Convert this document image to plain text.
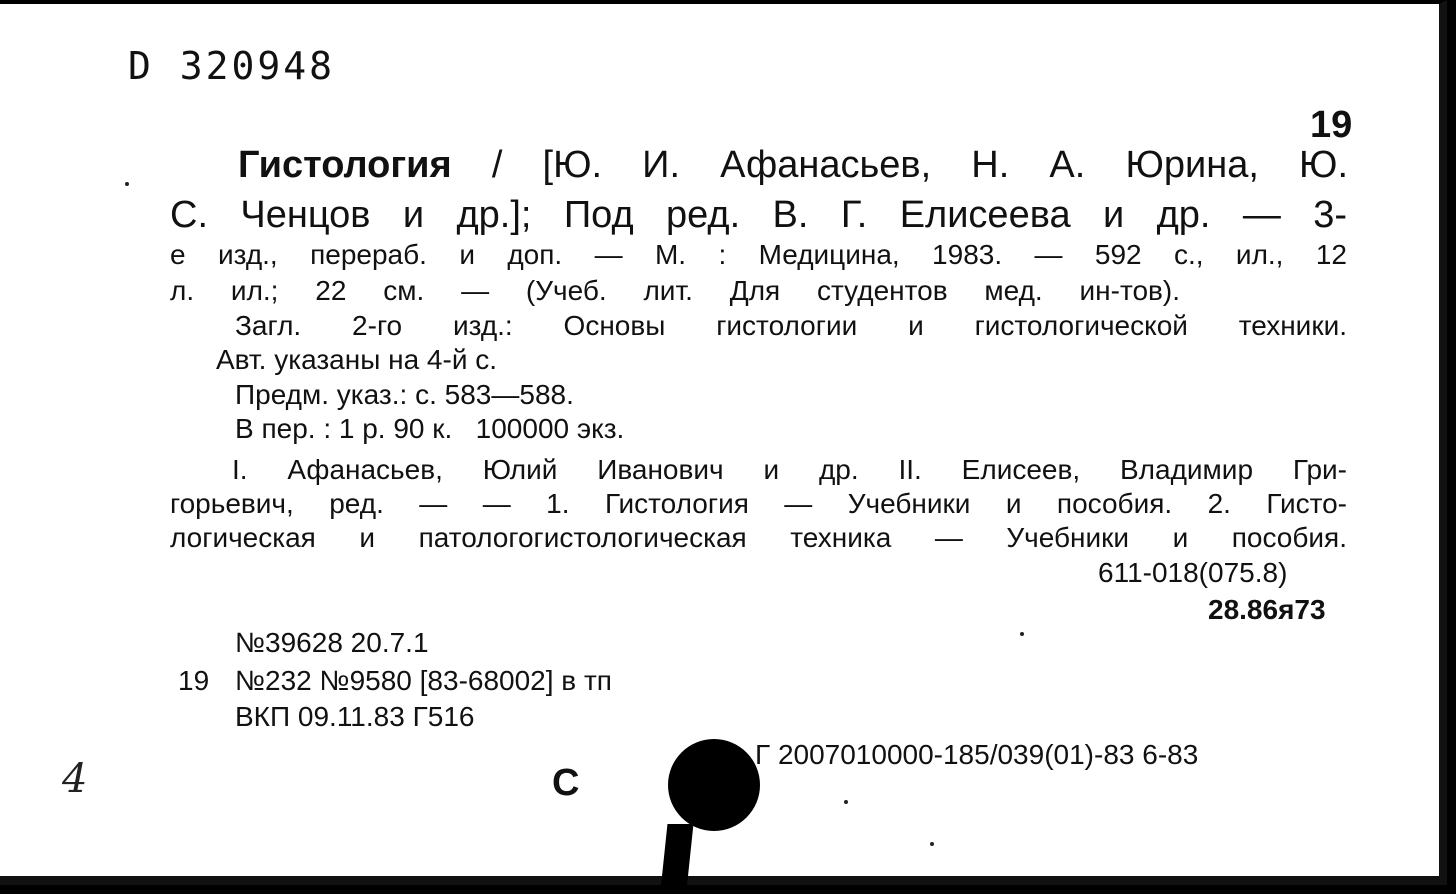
D 320948
19
Гистология / [Ю. И. Афанасьев, Н. А. Юрина, Ю.
С. Ченцов и др.]; Под ред. В. Г. Елисеева и др. — 3-
е изд., перераб. и доп. — М. : Медицина, 1983. — 592 с., ил., 12
л. ил.; 22 см. — (Учеб. лит. Для студентов мед. ин-тов).
Загл. 2-го изд.: Основы гистологии и гистологической техники.
Авт. указаны на 4-й с.
Предм. указ.: с. 583—588.
В пер. : 1 р. 90 к.   100000 экз.
I. Афанасьев, Юлий Иванович и др. II. Елисеев, Владимир Гри-
горьевич, ред. — — 1. Гистология — Учебники и пособия. 2. Гисто-
логическая и патологогистологическая техника — Учебники и пособия.
611-018(075.8)
28.86я73
№39628 20.7.1
19 №232 №9580 [83-68002] в тп
ВКП 09.11.83 Г516
Г 2007010000-185/039(01)-83 6-83
С
4
